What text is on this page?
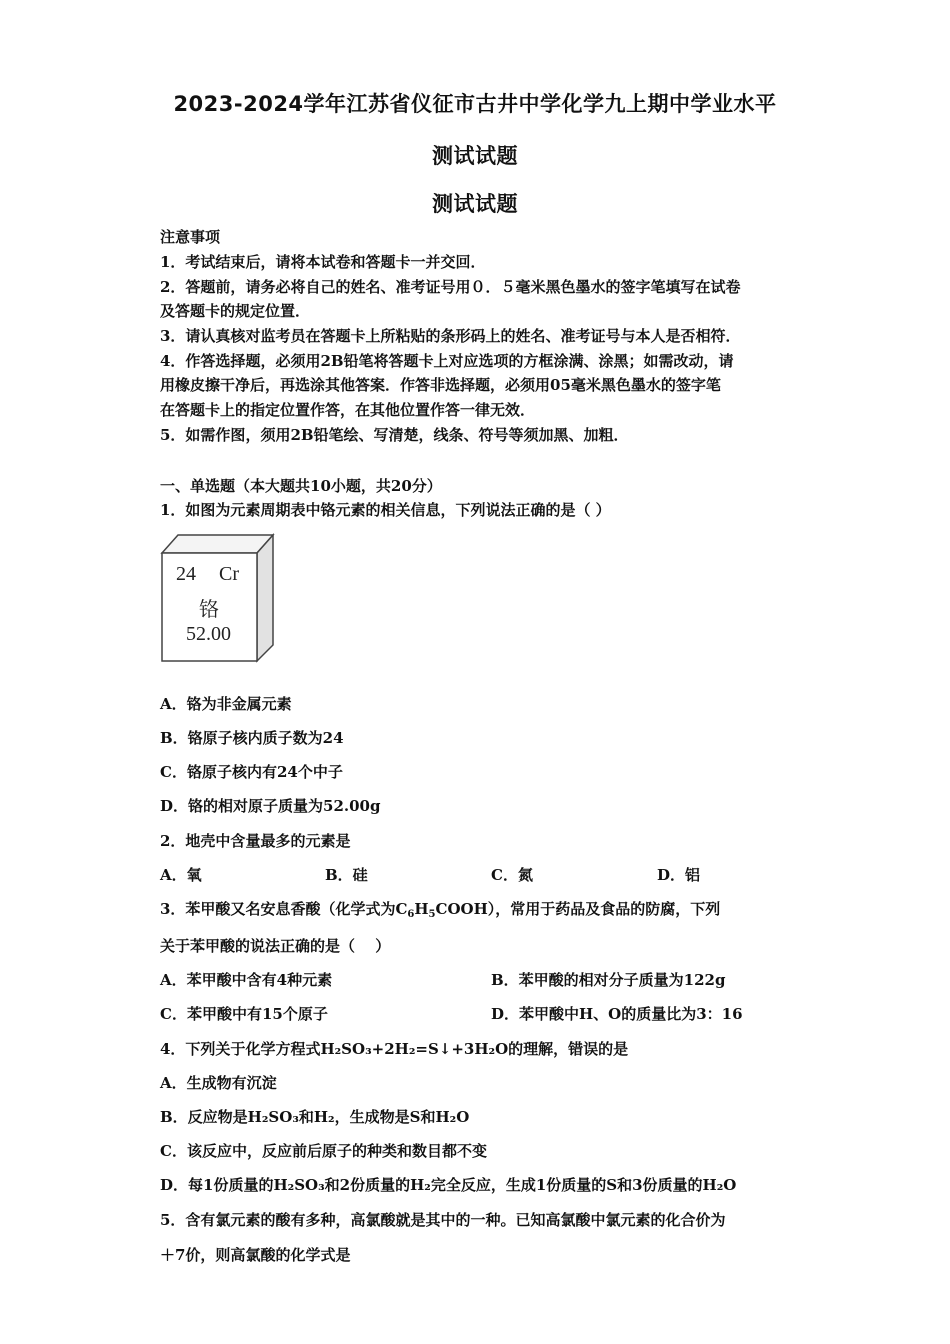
2023-2024学年江苏省仪征市古井中学化学九上期中学业水平
测试试题
测试试题
注意事项
1．考试结束后，请将本试卷和答题卡一并交回．
2．答题前，请务必将自己的姓名、准考证号用０．５毫米黑色墨水的签字笔填写在试卷
及答题卡的规定位置．
3．请认真核对监考员在答题卡上所粘贴的条形码上的姓名、准考证号与本人是否相符．
4．作答选择题，必须用2B铅笔将答题卡上对应选项的方框涂满、涂黑；如需改动，请
用橡皮擦干净后，再选涂其他答案．作答非选择题，必须用05毫米黑色墨水的签字笔
在答题卡上的指定位置作答，在其他位置作答一律无效．
5．如需作图，须用2B铅笔绘、写清楚，线条、符号等须加黑、加粗．
一、单选题（本大题共10小题，共20分）
1．如图为元素周期表中铬元素的相关信息，下列说法正确的是（ ）
24 Cr
铬
52.00
A．铬为非金属元素
B．铬原子核内质子数为24
C．铬原子核内有24个中子
D．铬的相对原子质量为52.00g
2．地壳中含量最多的元素是
A．氧	B．硅	C．氮	D．铝
3．苯甲酸又名安息香酸（化学式为$C_6H_5COOH$），常用于药品及食品的防腐，下列
关于苯甲酸的说法正确的是（　 ）
A．苯甲酸中含有4种元素	B．苯甲酸的相对分子质量为122g
C．苯甲酸中有15个原子	D．苯甲酸中H、O的质量比为3：16
4．下列关于化学方程式H₂SO₃+2H₂=S↓+3H₂O的理解，错误的是
A．生成物有沉淀
B．反应物是H₂SO₃和H₂，生成物是S和H₂O
C．该反应中，反应前后原子的种类和数目都不变
D．每1份质量的H₂SO₃和2份质量的H₂完全反应，生成1份质量的S和3份质量的H₂O
5．含有氯元素的酸有多种，高氯酸就是其中的一种。已知高氯酸中氯元素的化合价为
＋7价，则高氯酸的化学式是
